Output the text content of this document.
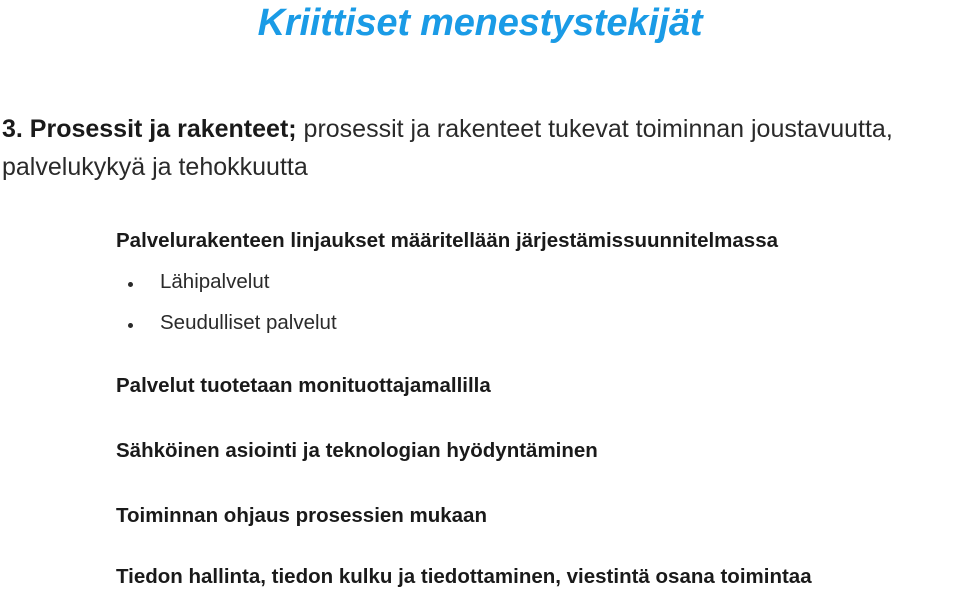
Kriittiset menestystekijät

3. Prosessit ja rakenteet; prosessit ja rakenteet tukevat toiminnan joustavuutta, palvelukykyä ja tehokkuutta

Palvelurakenteen linjaukset määritellään järjestämissuunnitelmassa

Lähipalvelut
Seudulliset palvelut

Palvelut tuotetaan monituottajamallilla

Sähköinen asiointi ja teknologian hyödyntäminen

Toiminnan ohjaus prosessien mukaan

Tiedon hallinta, tiedon kulku ja tiedottaminen, viestintä osana toimintaa
